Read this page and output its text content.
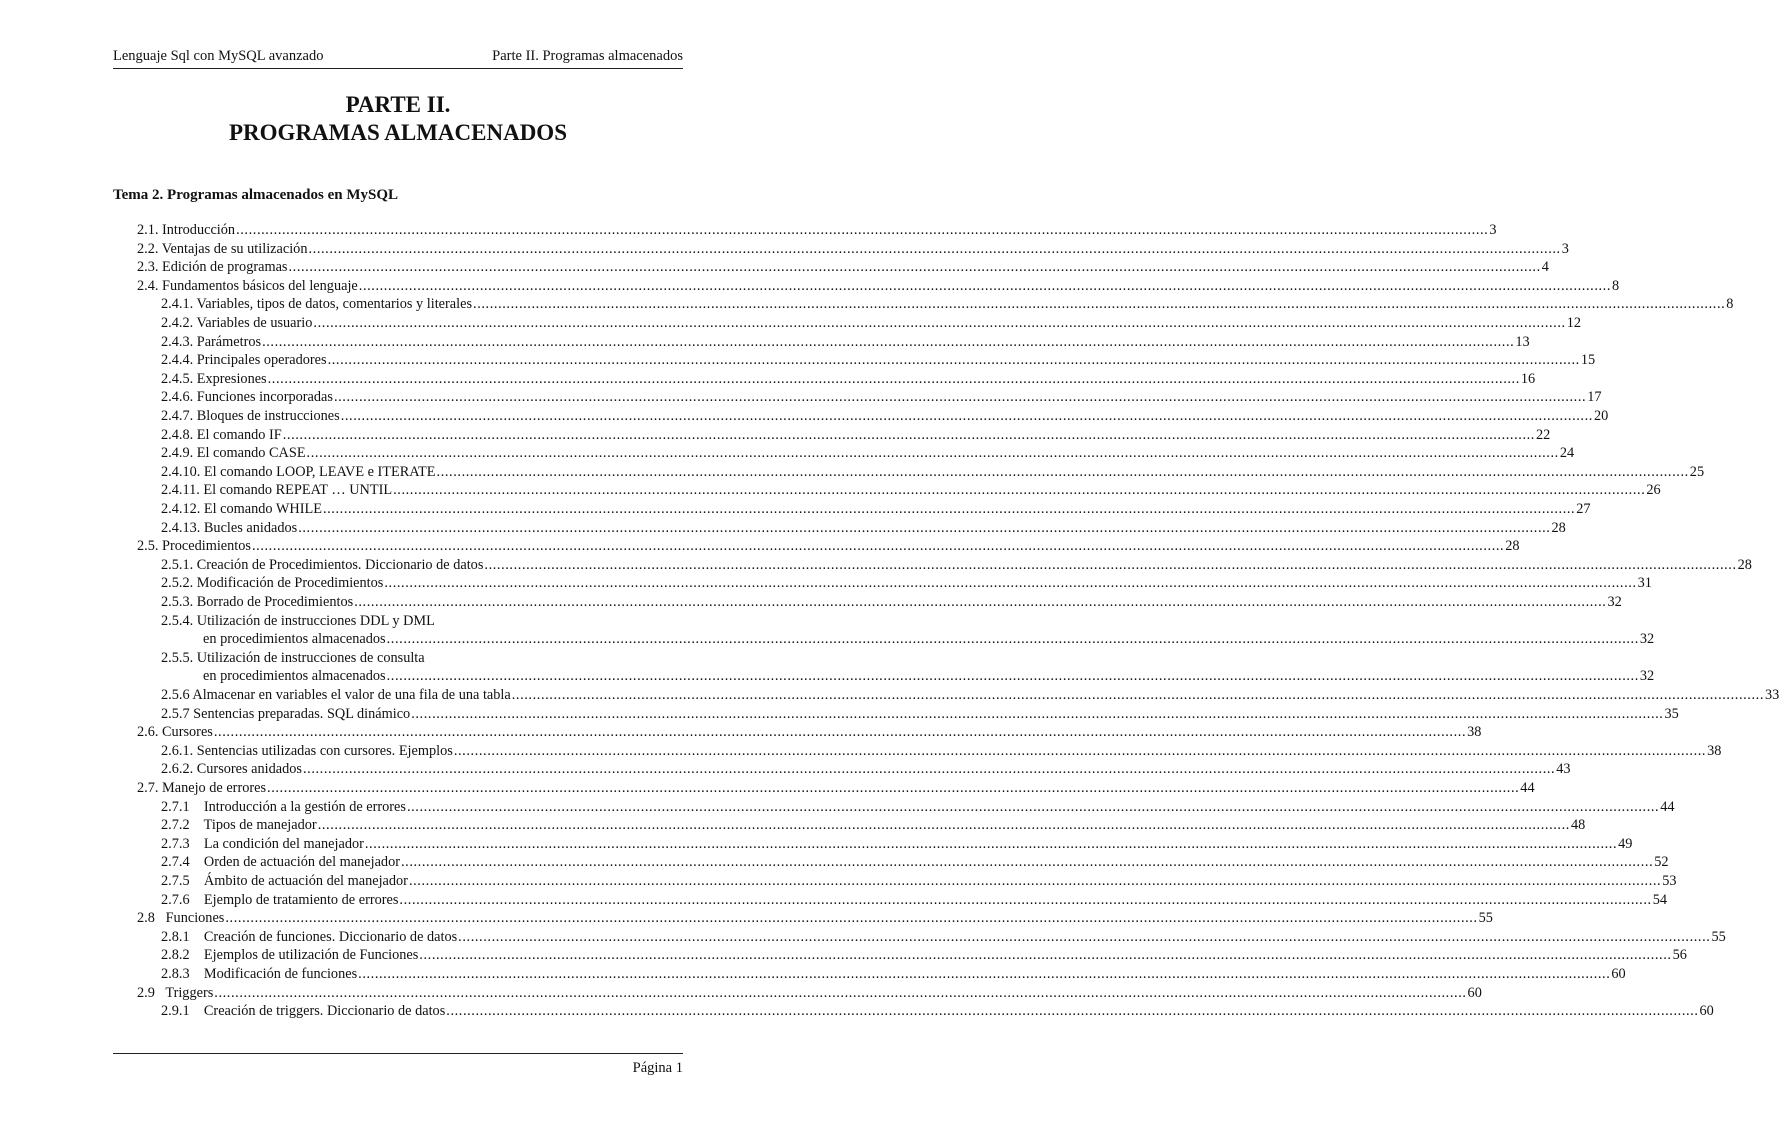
Lenguaje Sql con MySQL avanzado	Parte II. Programas almacenados
PARTE II.
PROGRAMAS ALMACENADOS
Tema 2. Programas almacenados en MySQL
2.1. Introducción ............................................................................................................................................................................................................................................................................................................ 3
2.2. Ventajas de su utilización ............................................................................................................................................................................................................................................................................................................ 3
2.3. Edición de programas ............................................................................................................................................................................................................................................................................................................ 4
2.4. Fundamentos básicos del lenguaje ............................................................................................................................................................................................................................................................................................................ 8
2.4.1. Variables, tipos de datos, comentarios y literales ............................................................................................................................................................................................................................................................................................................ 8
2.4.2. Variables de usuario ............................................................................................................................................................................................................................................................................................................ 12
2.4.3. Parámetros ............................................................................................................................................................................................................................................................................................................ 13
2.4.4. Principales operadores ............................................................................................................................................................................................................................................................................................................ 15
2.4.5. Expresiones ............................................................................................................................................................................................................................................................................................................ 16
2.4.6. Funciones incorporadas ............................................................................................................................................................................................................................................................................................................ 17
2.4.7. Bloques de instrucciones ............................................................................................................................................................................................................................................................................................................ 20
2.4.8. El comando IF ............................................................................................................................................................................................................................................................................................................ 22
2.4.9. El comando CASE ............................................................................................................................................................................................................................................................................................................ 24
2.4.10. El comando LOOP, LEAVE e ITERATE ............................................................................................................................................................................................................................................................................................................ 25
2.4.11. El comando REPEAT … UNTIL ............................................................................................................................................................................................................................................................................................................ 26
2.4.12. El comando WHILE ............................................................................................................................................................................................................................................................................................................ 27
2.4.13. Bucles anidados ............................................................................................................................................................................................................................................................................................................ 28
2.5. Procedimientos ............................................................................................................................................................................................................................................................................................................ 28
2.5.1. Creación de Procedimientos. Diccionario de datos ............................................................................................................................................................................................................................................................................................................ 28
2.5.2. Modificación de Procedimientos ............................................................................................................................................................................................................................................................................................................ 31
2.5.3. Borrado de Procedimientos ............................................................................................................................................................................................................................................................................................................ 32
2.5.4. Utilización de instrucciones DDL y DML
en procedimientos almacenados ............................................................................................................................................................................................................................................................................................................ 32
2.5.5. Utilización de instrucciones de consulta
en procedimientos almacenados ............................................................................................................................................................................................................................................................................................................ 32
2.5.6 Almacenar en variables el valor de una fila de una tabla ............................................................................................................................................................................................................................................................................................................ 33
2.5.7 Sentencias preparadas. SQL dinámico ............................................................................................................................................................................................................................................................................................................ 35
2.6. Cursores ............................................................................................................................................................................................................................................................................................................ 38
2.6.1. Sentencias utilizadas con cursores. Ejemplos ............................................................................................................................................................................................................................................................................................................ 38
2.6.2. Cursores anidados ............................................................................................................................................................................................................................................................................................................ 43
2.7. Manejo de errores ............................................................................................................................................................................................................................................................................................................ 44
2.7.1    Introducción a la gestión de errores ............................................................................................................................................................................................................................................................................................................ 44
2.7.2    Tipos de manejador ............................................................................................................................................................................................................................................................................................................ 48
2.7.3    La condición del manejador ............................................................................................................................................................................................................................................................................................................ 49
2.7.4    Orden de actuación del manejador ............................................................................................................................................................................................................................................................................................................ 52
2.7.5    Ámbito de actuación del manejador ............................................................................................................................................................................................................................................................................................................ 53
2.7.6    Ejemplo de tratamiento de errores ............................................................................................................................................................................................................................................................................................................ 54
2.8   Funciones ............................................................................................................................................................................................................................................................................................................ 55
2.8.1    Creación de funciones. Diccionario de datos ............................................................................................................................................................................................................................................................................................................ 55
2.8.2    Ejemplos de utilización de Funciones ............................................................................................................................................................................................................................................................................................................ 56
2.8.3    Modificación de funciones ............................................................................................................................................................................................................................................................................................................ 60
2.9   Triggers ............................................................................................................................................................................................................................................................................................................ 60
2.9.1    Creación de triggers. Diccionario de datos ............................................................................................................................................................................................................................................................................................................ 60
Página 1
